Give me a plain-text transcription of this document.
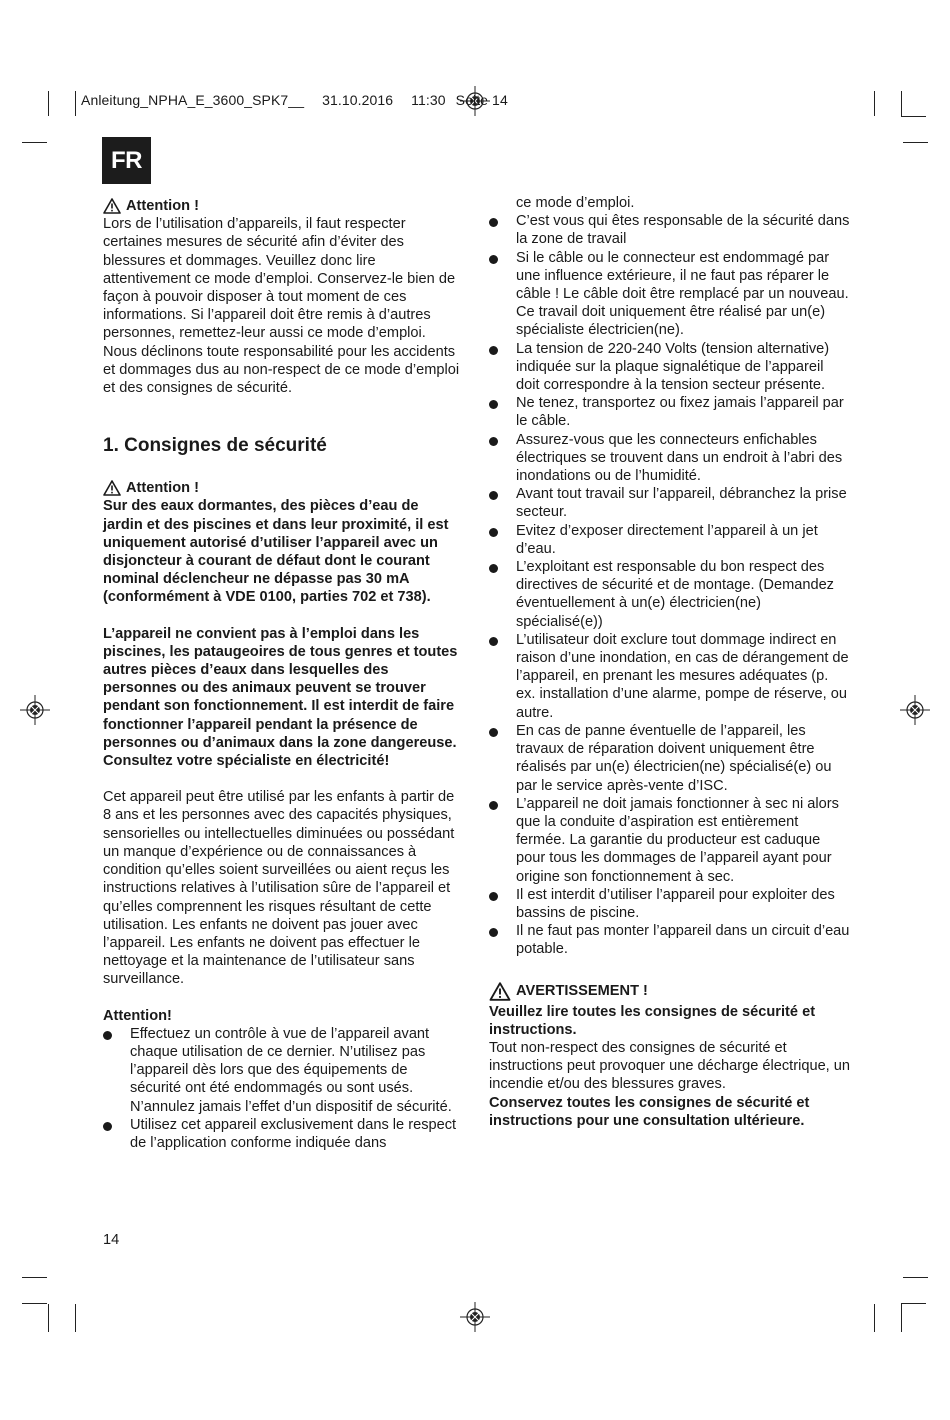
Anleitung_NPHA_E_3600_SPK7__ 31.10.2016 11:30 Seite 14
FR
Attention !

Lors de l’utilisation d’appareils, il faut respecter certaines mesures de sécurité afin d’éviter des blessures et dommages. Veuillez donc lire attentivement ce mode d’emploi. Conservez-le bien de façon à pouvoir disposer à tout moment de ces informations. Si l’appareil doit être remis à d’autres personnes, remettez-leur aussi ce mode d’emploi. Nous déclinons toute responsabilité pour les accidents et dommages dus au non-respect de ce mode d’emploi et des consignes de sécurité.

1. Consignes de sécurité
Attention !

Sur des eaux dormantes, des pièces d’eau de jardin et des piscines et dans leur proximité, il est uniquement autorisé d’utiliser l’appareil avec un disjoncteur à courant de défaut dont le courant nominal déclencheur ne dépasse pas 30 mA (conformément à VDE 0100, parties 702 et 738).

L’appareil ne convient pas à l’emploi dans les piscines, les pataugeoires de tous genres et toutes autres pièces d’eaux dans lesquelles des personnes ou des animaux peuvent se trouver pendant son fonctionnement. Il est interdit de faire fonctionner l’appareil pendant la présence de personnes ou d’animaux dans la zone dangereuse. Consultez votre spécialiste en électricité!

Cet appareil peut être utilisé par les enfants à partir de 8 ans et les personnes avec des capacités physiques, sensorielles ou intellectuelles diminuées ou possédant un manque d’expérience ou de connaissances à condition qu’elles soient surveillées ou aient reçus les instructions relatives à l’utilisation sûre de l’appareil et qu’elles comprennent les risques résultant de cette utilisation. Les enfants ne doivent pas jouer avec l’appareil. Les enfants ne doivent pas effectuer le nettoyage et la maintenance de l’utilisateur sans surveillance.

Attention!

Effectuez un contrôle à vue de l’appareil avant chaque utilisation de ce dernier. N’utilisez pas l’appareil dès lors que des équipements de sécurité ont été endommagés ou sont usés. N’annulez jamais l’effet d’un dispositif de sécurité.
Utilisez cet appareil exclusivement dans le respect de l’application conforme indiquée dans

ce mode d’emploi.

C’est vous qui êtes responsable de la sécurité dans la zone de travail
Si le câble ou le connecteur est endommagé par une influence extérieure, il ne faut pas réparer le câble ! Le câble doit être remplacé par un nouveau. Ce travail doit uniquement être réalisé par un(e) spécialiste électricien(ne).
La tension de 220-240 Volts (tension alternative) indiquée sur la plaque signalétique de l’appareil doit correspondre à la tension secteur présente.
Ne tenez, transportez ou fixez jamais l’appareil par le câble.
Assurez-vous que les connecteurs enfichables électriques se trouvent dans un endroit à l’abri des inondations ou de l’humidité.
Avant tout travail sur l’appareil, débranchez la prise secteur.
Evitez d’exposer directement l’appareil à un jet d’eau.
L’exploitant est responsable du bon respect des directives de sécurité et de montage. (Demandez éventuellement à un(e) électricien(ne) spécialisé(e))
L’utilisateur doit exclure tout dommage indirect en raison d’une inondation, en cas de dérangement de l’appareil, en prenant les mesures adéquates (p. ex. installation d’une alarme, pompe de réserve, ou autre.
En cas de panne éventuelle de l’appareil, les travaux de réparation doivent uniquement être réalisés par un(e) électricien(ne) spécialisé(e) ou par le service après-vente d’ISC.
L’appareil ne doit jamais fonctionner à sec ni alors que la conduite d’aspiration est entièrement fermée. La garantie du producteur est caduque pour tous les dommages de l’appareil ayant pour origine son fonctionnement à sec.
Il est interdit d’utiliser l’appareil pour exploiter des bassins de piscine.
Il ne faut pas monter l’appareil dans un circuit d’eau potable.
AVERTISSEMENT !

Veuillez lire toutes les consignes de sécurité et instructions.

Tout non-respect des consignes de sécurité et instructions peut provoquer une décharge électrique, un incendie et/ou des blessures graves.

Conservez toutes les consignes de sécurité et instructions pour une consultation ultérieure.

14
